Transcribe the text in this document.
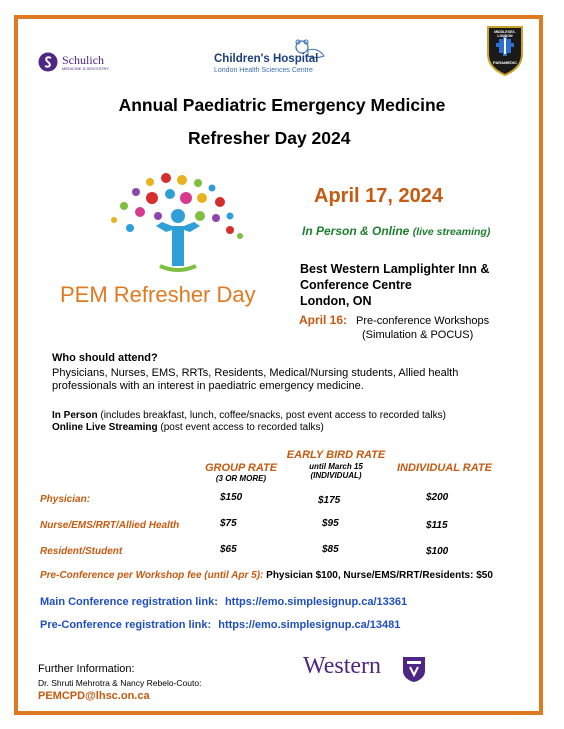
Schulich
MEDICINE & DENTISTRY
Children's Hospital
London Health Sciences Centre
MIDDLESEX-LONDON
PARAMEDIC
Annual Paediatric Emergency Medicine
Refresher Day 2024
PEM Refresher Day
April 17, 2024
In Person & Online (live streaming)
Best Western Lamplighter Inn &
Conference Centre
London, ON
April 16: Pre-conference Workshops
(Simulation & POCUS)
Who should attend?
Physicians, Nurses, EMS, RRTs, Residents, Medical/Nursing students, Allied health
professionals with an interest in paediatric emergency medicine.
In Person (includes breakfast, lunch, coffee/snacks, post event access to recorded talks)
Online Live Streaming (post event access to recorded talks)
GROUP RATE
(3 OR MORE)
EARLY BIRD RATE
until March 15
(INDIVIDUAL)
INDIVIDUAL RATE
Physician:	$150	$175	$200
Nurse/EMS/RRT/Allied Health	$75	$95	$115
Resident/Student	$65	$85	$100
Pre-Conference per Workshop fee (until Apr 5): Physician $100, Nurse/EMS/RRT/Residents: $50
Main Conference registration link: https://emo.simplesignup.ca/13361
Pre-Conference registration link: https://emo.simplesignup.ca/13481
Further Information:
Dr. Shruti Mehrotra & Nancy Rebelo-Couto:
PEMCPD@lhsc.on.ca
Western
